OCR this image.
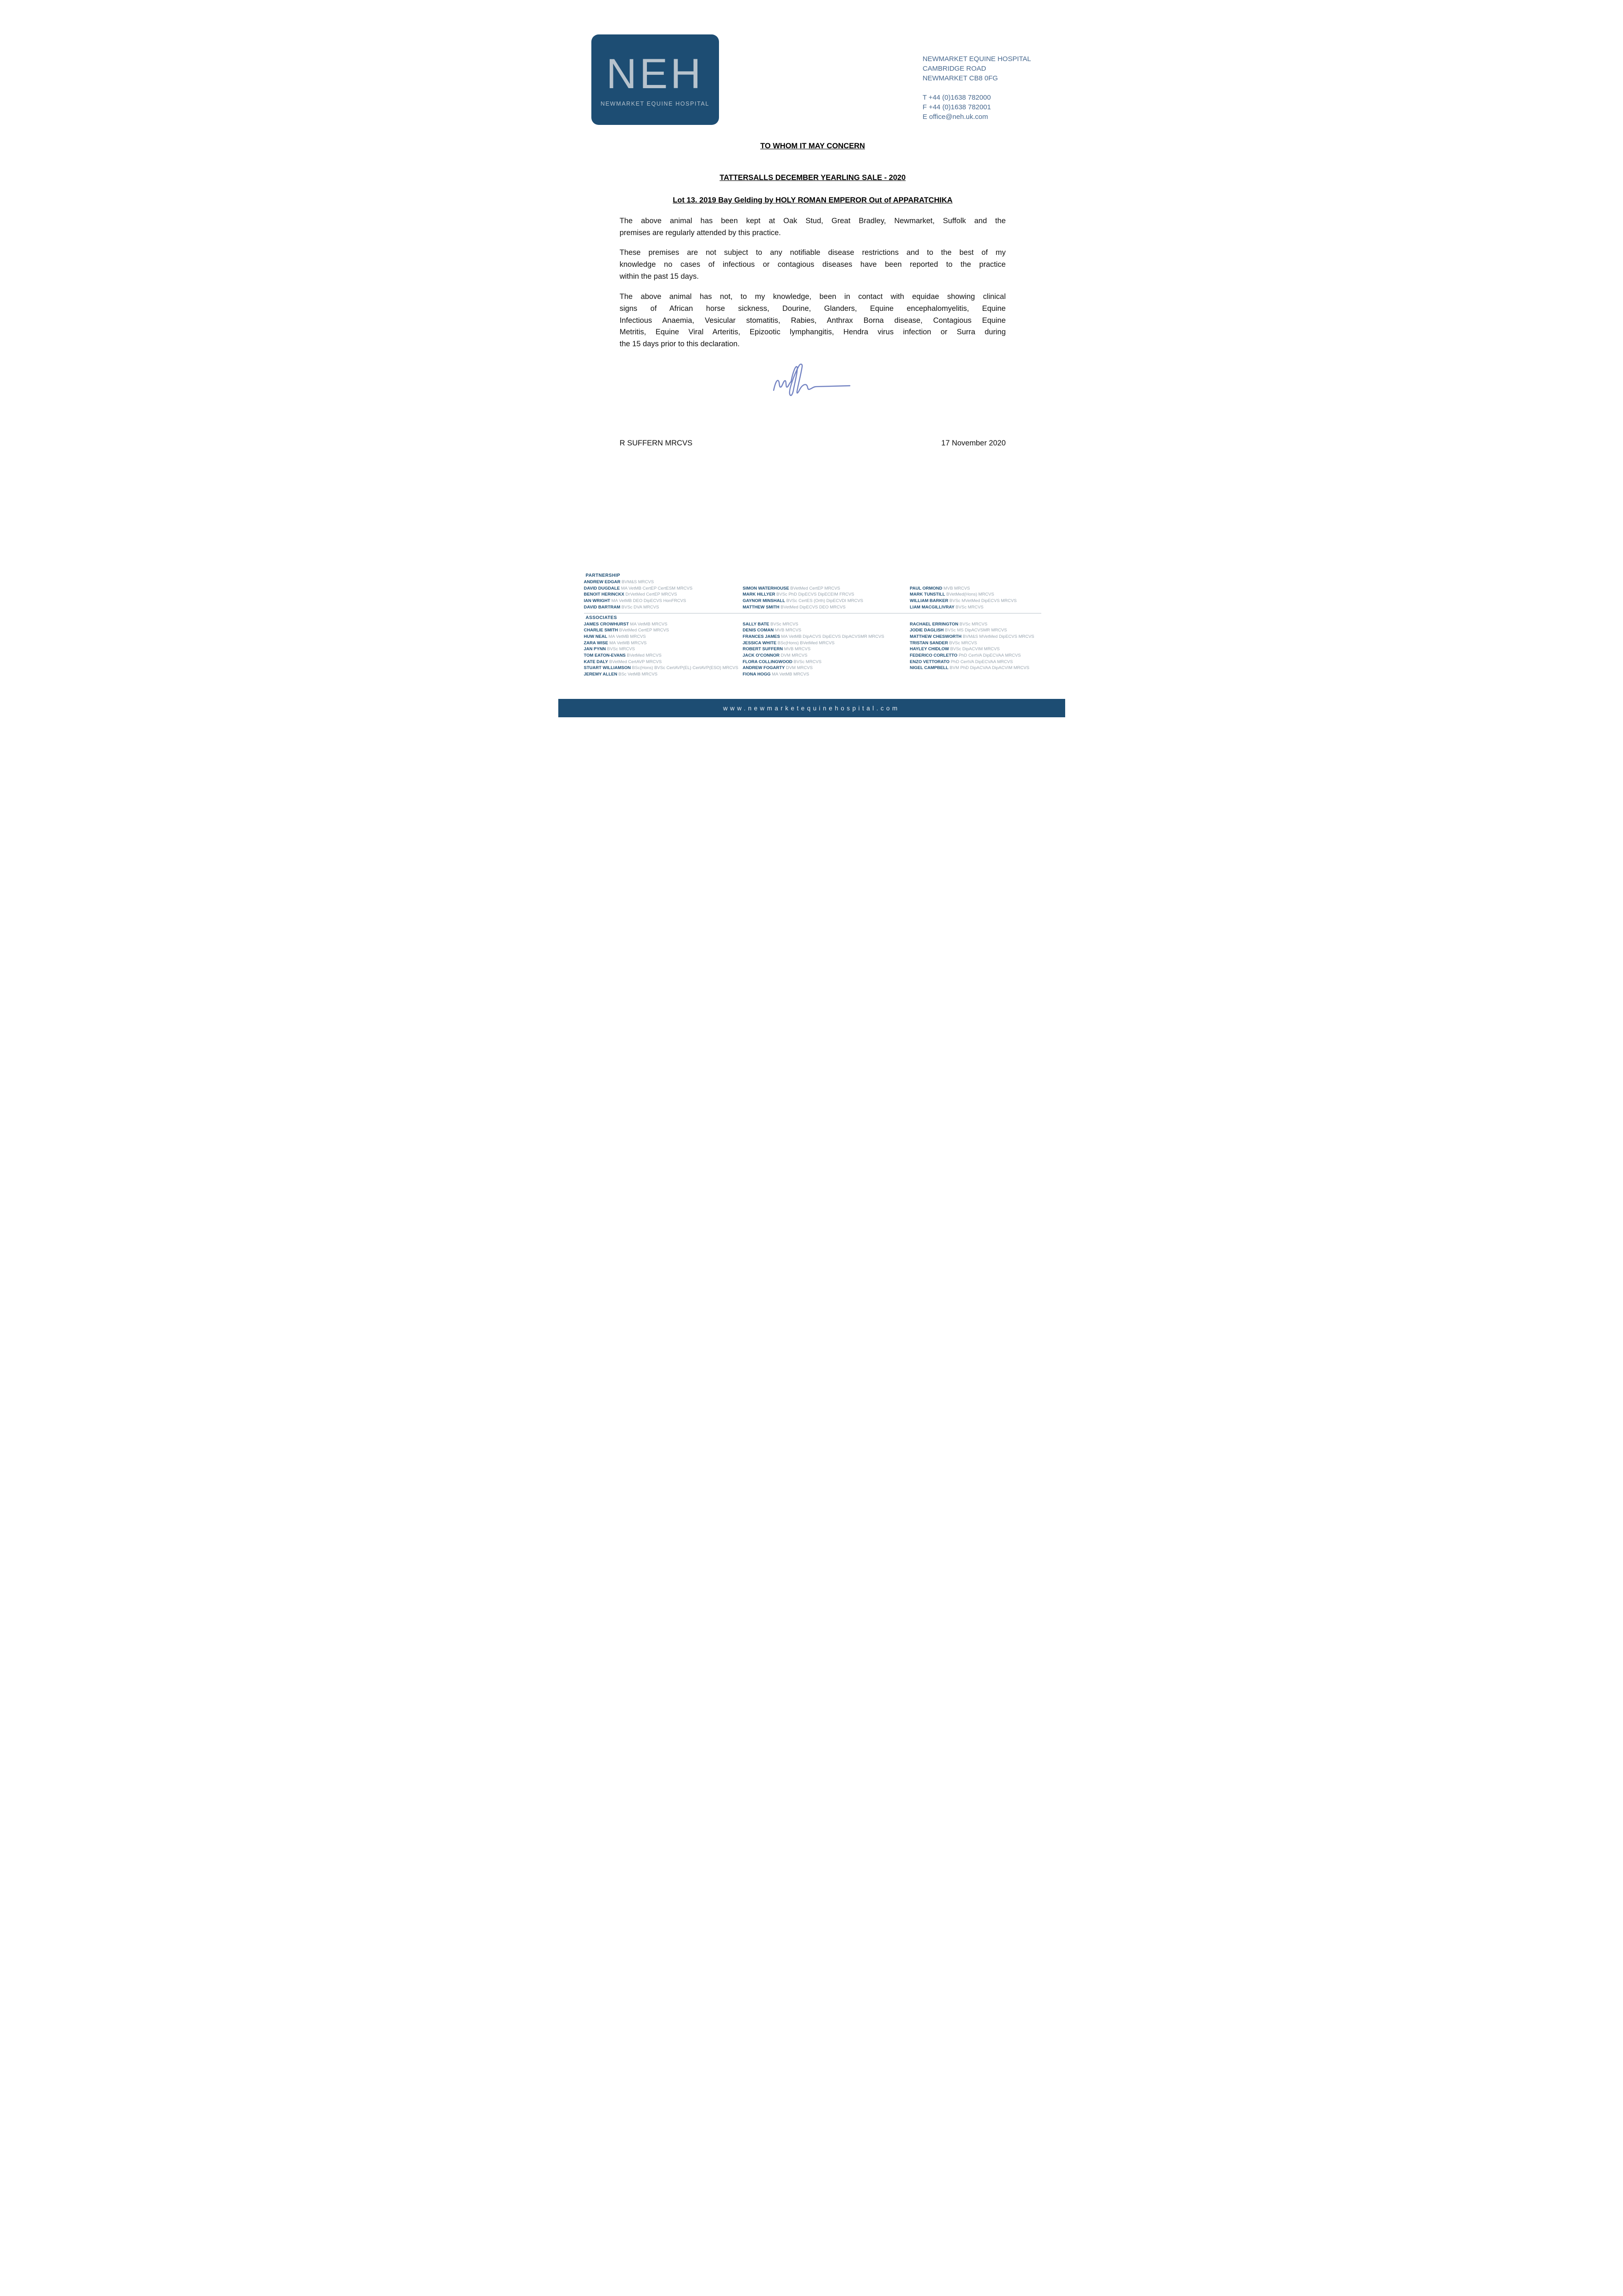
NEH
NEWMARKET EQUINE HOSPITAL
NEWMARKET EQUINE HOSPITAL
CAMBRIDGE ROAD
NEWMARKET CB8 0FG
T +44 (0)1638 782000
F +44 (0)1638 782001
E office@neh.uk.com
TO WHOM IT MAY CONCERN
TATTERSALLS DECEMBER YEARLING SALE - 2020
Lot 13. 2019 Bay Gelding by HOLY ROMAN EMPEROR Out of APPARATCHIKA
The above animal has been kept at Oak Stud, Great Bradley, Newmarket, Suffolk and the
premises are regularly attended by this practice.
These premises are not subject to any notifiable disease restrictions and to the best of my
knowledge no cases of infectious or contagious diseases have been reported to the practice
within the past 15 days.
The above animal has not, to my knowledge, been in contact with equidae showing clinical
signs of African horse sickness, Dourine, Glanders, Equine encephalomyelitis, Equine
Infectious Anaemia, Vesicular stomatitis, Rabies, Anthrax Borna disease, Contagious Equine
Metritis, Equine Viral Arteritis, Epizootic lymphangitis, Hendra virus infection or Surra during
the 15 days prior to this declaration.
R SUFFERN MRCVS	17 November 2020
PARTNERSHIP
ANDREW EDGAR BVM&S MRCVS
DAVID DUGDALE MA VetMB CertEP CertESM MRCVS
BENOIT HERINCKX DrVetMed CertEP MRCVS
IAN WRIGHT MA VetMB DEO DipECVS HonFRCVS
DAVID BARTRAM BVSc DVA MRCVS
SIMON WATERHOUSE BVetMed CertEP MRCVS
MARK HILLYER BVSc PhD DipECVS DipECEIM FRCVS
GAYNOR MINSHALL BVSc CertES (Orth) DipECVDI MRCVS
MATTHEW SMITH BVetMed DipECVS DEO MRCVS
PAUL ORMOND MVB MRCVS
MARK TUNSTILL BVetMed(Hons) MRCVS
WILLIAM BARKER BVSc MVetMed DipECVS MRCVS
LIAM MACGILLIVRAY BVSc MRCVS
ASSOCIATES
JAMES CROWHURST MA VetMB MRCVS
CHARLIE SMITH BVetMed CertEP MRCVS
HUW NEAL MA VetMB MRCVS
ZARA WISE MA VetMB MRCVS
JAN PYNN BVSc MRCVS
TOM EATON-EVANS BVetMed MRCVS
KATE DALY BVetMed CertAVP MRCVS
STUART WILLIAMSON BSc(Hons) BVSc CertAVP(EL) CertAVP(ESO) MRCVS
JEREMY ALLEN BSc VetMB MRCVS
SALLY BATE BVSc MRCVS
DENIS COMAN MVB MRCVS
FRANCES JAMES MA VetMB DipACVS DipECVS DipACVSMR MRCVS
JESSICA WHITE BSc(Hons) BVetMed MRCVS
ROBERT SUFFERN MVB MRCVS
JACK O'CONNOR DVM MRCVS
FLORA COLLINGWOOD BVSc MRCVS
ANDREW FOGARTY DVM MRCVS
FIONA HOGG MA VetMB MRCVS
RACHAEL ERRINGTON BVSc MRCVS
JODIE DAGLISH BVSc MS DipACVSMR MRCVS
MATTHEW CHESWORTH BVM&S MVetMed DipECVS MRCVS
TRISTAN SANDER BVSc MRCVS
HAYLEY CHIDLOW BVSc DipACVIM MRCVS
FEDERICO CORLETTO PhD CertVA DipECVAA MRCVS
ENZO VETTORATO PhD CertVA DipECVAA MRCVS
NIGEL CAMPBELL BVM PhD DipACVAA DipACVIM MRCVS
www.newmarketequinehospital.com
